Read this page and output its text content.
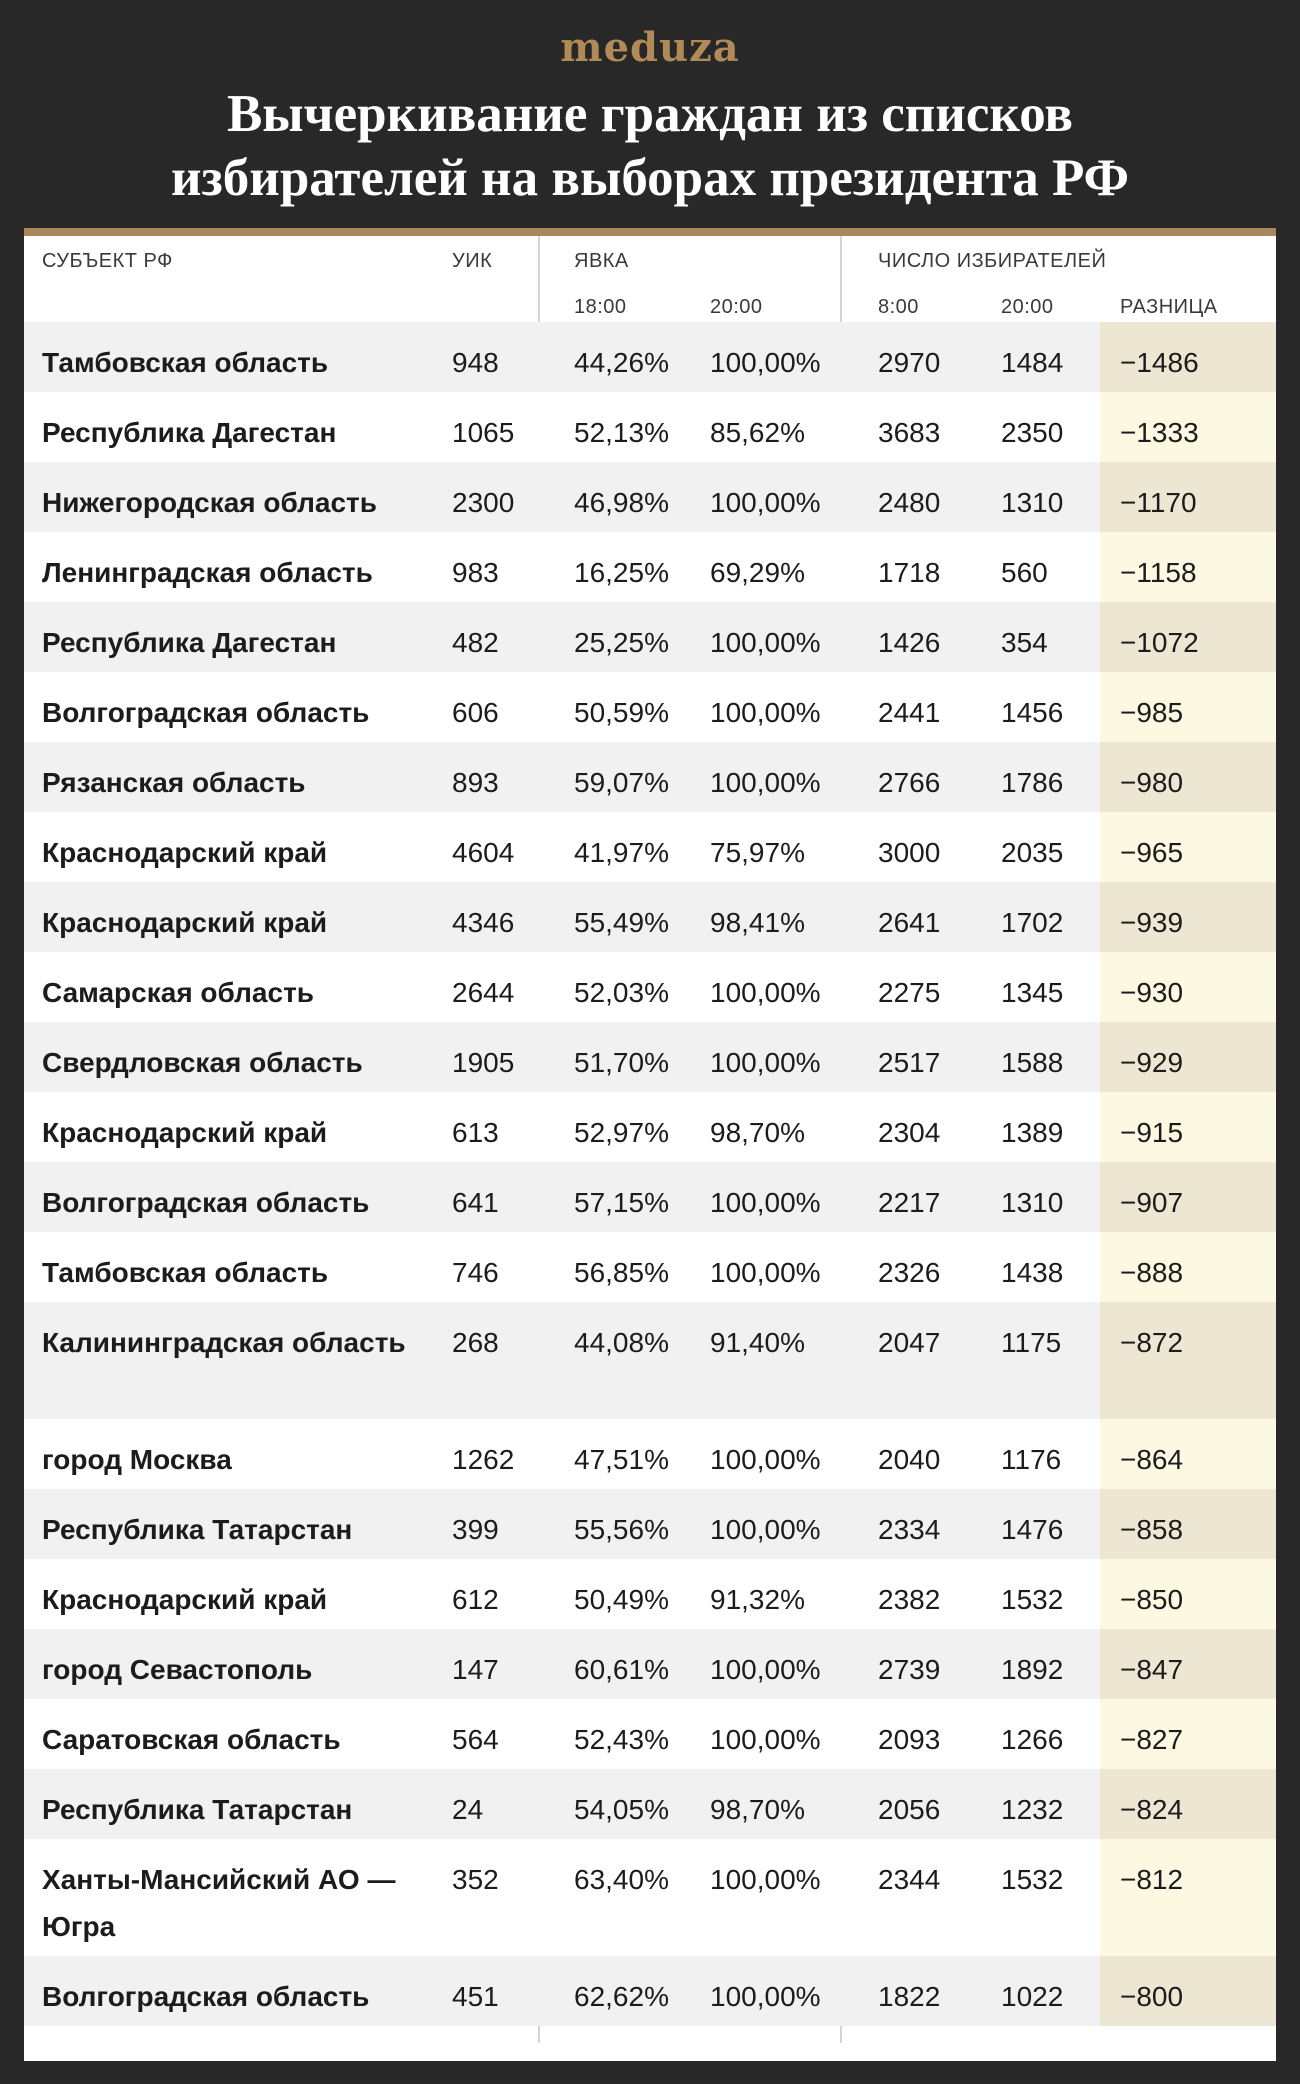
meduza
Вычеркивание граждан из списков
избирателей на выборах президента РФ
СУБЪЕКТ РФ	УИК	ЯВКА
18:00	20:00
ЧИСЛО ИЗБИРАТЕЛЕЙ
8:00	20:00	РАЗНИЦА
Тамбовская область	948	44,26% 100,00% 2970 1484 −1486
Республика Дагестан	1065 52,13% 85,62%	3683 2350 −1333
Нижегородская область	2300 46,98% 100,00% 2480 1310 −1170
Ленинградская область	983	16,25% 69,29%	1718 560	−1158
Республика Дагестан	482	25,25% 100,00% 1426 354	−1072
Волгоградская область	606	50,59% 100,00% 2441 1456 −985
Рязанская область	893	59,07% 100,00% 2766 1786 −980
Краснодарский край	4604 41,97% 75,97%	3000 2035 −965
Краснодарский край	4346 55,49% 98,41%	2641 1702 −939
Самарская область	2644 52,03% 100,00% 2275 1345 −930
Свердловская область	1905 51,70% 100,00% 2517 1588 −929
Краснодарский край	613	52,97% 98,70%	2304 1389 −915
Волгоградская область	641	57,15% 100,00% 2217 1310 −907
Тамбовская область	746	56,85% 100,00% 2326 1438 −888
Калининградская область	268	44,08% 91,40%	2047 1175 −872
город Москва	1262 47,51% 100,00% 2040 1176 −864
Республика Татарстан	399	55,56% 100,00% 2334 1476 −858
Краснодарский край	612	50,49% 91,32%	2382 1532 −850
город Севастополь	147	60,61% 100,00% 2739 1892 −847
Саратовская область	564	52,43% 100,00% 2093 1266 −827
Республика Татарстан	24	54,05% 98,70%	2056 1232 −824
Ханты-Мансийский АО — Югра
352	63,40% 100,00% 2344 1532 −812
Волгоградская область	451	62,62% 100,00% 1822 1022 −800
